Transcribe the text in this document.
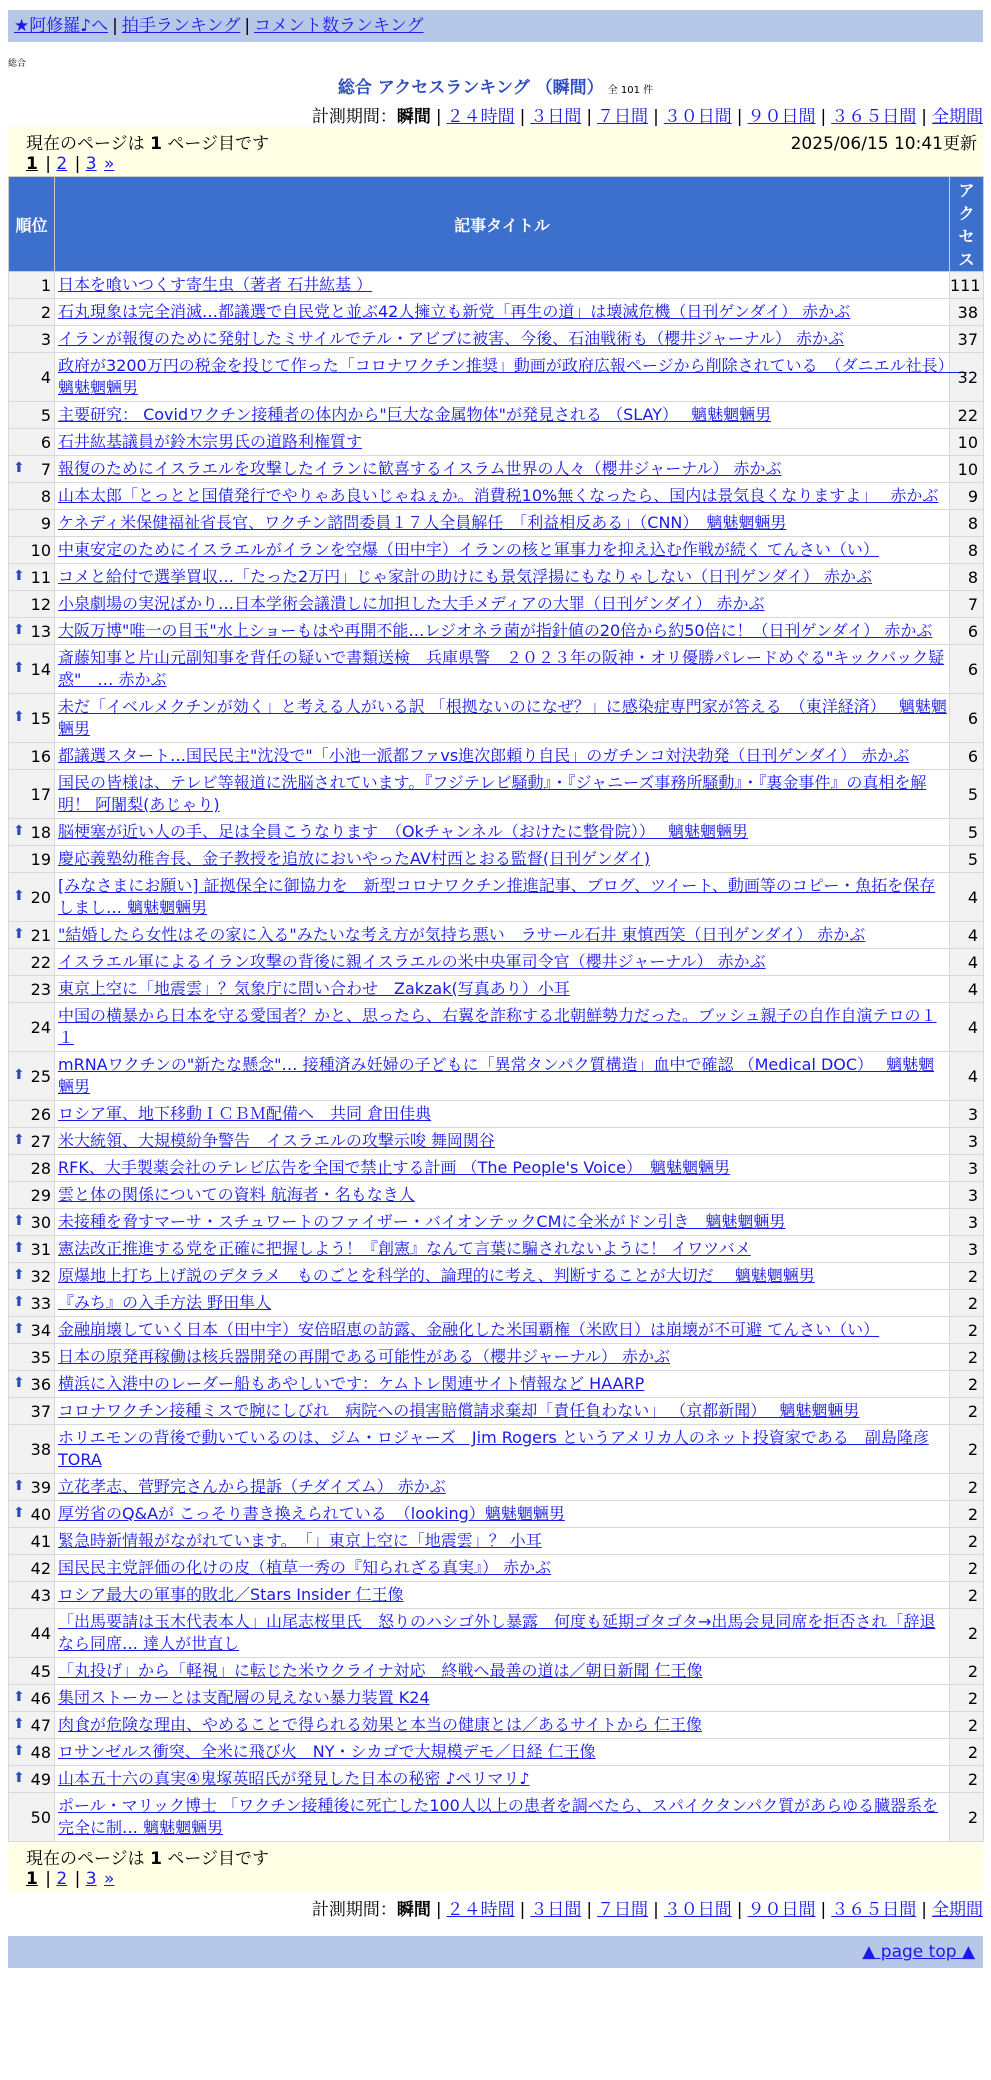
★阿修羅♪へ | 拍手ランキング | コメント数ランキング
総合
総合 アクセスランキング （瞬間） 全 101 件
計測期間：瞬間 | ２４時間 | ３日間 | ７日間 | ３０日間 | ９０日間 | ３６５日間 | 全期間
現在のページは 1 ページ目です	2025/06/15 10:41更新
1 | 2 | 3 »
順位	記事タイトル	アクセス
1	日本を喰いつくす寄生虫（著者 石井紘基 ）	111
2	石丸現象は完全消滅…都議選で自民党と並ぶ42人擁立も新党「再生の道」は壊滅危機（日刊ゲンダイ） 赤かぶ	38
3	イランが報復のために発射したミサイルでテル・アビブに被害、今後、石油戦術も（櫻井ジャーナル） 赤かぶ	37
4	政府が3200万円の税金を投じて作った「コロナワクチン推奨」動画が政府広報ページから削除されている　（ダニエル社長）　 魑魅魍魎男	32
5	主要研究： Covidワクチン接種者の体内から"巨大な金属物体"が発見される （SLAY）　 魑魅魍魎男	22
6	石井紘基議員が鈴木宗男氏の道路利権質す	10

⬆ 7	報復のためにイスラエルを攻撃したイランに歓喜するイスラム世界の人々（櫻井ジャーナル） 赤かぶ	10
8	山本太郎「とっとと国債発行でやりゃあ良いじゃねぇか。消費税10%無くなったら、国内は景気良くなりますよ」　 赤かぶ	9
9	ケネディ米保健福祉省長官、ワクチン諮問委員１７人全員解任　「利益相反ある」（CNN）　魑魅魍魎男	8
10	中東安定のためにイスラエルがイランを空爆（田中宇）イランの核と軍事力を抑え込む作戦が続く てんさい（い）	8

⬆ 11	コメと給付で選挙買収…「たった2万円」じゃ家計の助けにも景気浮揚にもなりゃしない（日刊ゲンダイ） 赤かぶ	8
12	小泉劇場の実況ばかり…日本学術会議潰しに加担した大手メディアの大罪（日刊ゲンダイ） 赤かぶ	7

⬆ 13	大阪万博"唯一の目玉"水上ショーもはや再開不能…レジオネラ菌が指針値の20倍から約50倍に！（日刊ゲンダイ） 赤かぶ	6

⬆ 14	斎藤知事と片山元副知事を背任の疑いで書類送検　兵庫県警　２０２３年の阪神・オリ優勝パレードめぐる"キックバック疑惑"　… 赤かぶ	6

⬆ 15	未だ「イベルメクチンが効く」と考える人がいる訳 「根拠ないのになぜ？」に感染症専門家が答える　（東洋経済）　 魑魅魍魎男	6
16	都議選スタート…国民民主"沈没で"「小池一派都ファvs進次郎頼り自民」のガチンコ対決勃発（日刊ゲンダイ） 赤かぶ	6
17	国民の皆様は、テレビ等報道に洗脳されています。『フジテレビ騒動』・『ジャニーズ事務所騒動』・『裏金事件』の真相を解明！ 阿闍梨(あじゃり)	5

⬆ 18	脳梗塞が近い人の手、足は全員こうなります　（Okチャンネル（おけたに整骨院））　 魑魅魍魎男	5
19	慶応義塾幼稚舎長、金子教授を追放においやったAV村西とおる監督(日刊ゲンダイ)	5

⬆ 20	[みなさまにお願い] 証拠保全に御協力を　新型コロナワクチン推進記事、ブログ、ツイート、動画等のコピー・魚拓を保存しまし… 魑魅魍魎男	4

⬆ 21	"結婚したら女性はその家に入る"みたいな考え方が気持ち悪い　ラサール石井 東慎西笑（日刊ゲンダイ） 赤かぶ	4
22	イスラエル軍によるイラン攻撃の背後に親イスラエルの米中央軍司令官（櫻井ジャーナル） 赤かぶ	4
23	東京上空に「地震雲」？気象庁に問い合わせ　Zakzak(写真あり）小耳	4
24	中国の横暴から日本を守る愛国者？かと、思ったら、右翼を詐称する北朝鮮勢力だった。ブッシュ親子の自作自演テロの１１	4

⬆ 25	mRNAワクチンの"新たな懸念"… 接種済み妊婦の子どもに「異常タンパク質構造」血中で確認 （Medical DOC）　 魑魅魍魎男	4
26	ロシア軍、地下移動ＩＣＢＭ配備へ　共同 倉田佳典	3

⬆ 27	米大統領、大規模紛争警告　イスラエルの攻撃示唆 舞岡関谷	3
28	RFK、大手製薬会社のテレビ広告を全国で禁止する計画 （The People's Voice）　魑魅魍魎男	3
29	雲と体の関係についての資料 航海者・名もなき人	3

⬆ 30	未接種を脅すマーサ・スチュワートのファイザー・バイオンテックCMに全米がドン引き　魑魅魍魎男	3

⬆ 31	憲法改正推進する党を正確に把握しよう！『創憲』なんて言葉に騙されないように！ イワツバメ	3

⬆ 32	原爆地上打ち上げ説のデタラメ　ものごとを科学的、論理的に考え、判断することが大切だ　 魑魅魍魎男	2

⬆ 33	『みち』の入手方法 野田隼人	2

⬆ 34	金融崩壊していく日本（田中宇）安倍昭恵の訪露、金融化した米国覇権（米欧日）は崩壊が不可避 てんさい（い）	2
35	日本の原発再稼働は核兵器開発の再開である可能性がある（櫻井ジャーナル） 赤かぶ	2

⬆ 36	横浜に入港中のレーダー船もあやしいです：ケムトレ関連サイト情報など HAARP	2
37	コロナワクチン接種ミスで腕にしびれ　病院への損害賠償請求棄却「責任負わない」 （京都新聞）　 魑魅魍魎男	2
38	ホリエモンの背後で動いているのは、ジム・ロジャーズ　Jim Rogers というアメリカ人のネット投資家である　副島隆彦 TORA	2

⬆ 39	立花孝志、菅野完さんから提訴（チダイズム） 赤かぶ	2

⬆ 40	厚労省のQ&Aが こっそり書き換えられている　（looking）魑魅魍魎男	2
41	緊急時新情報がながれています。　「」東京上空に「地震雲」？ 小耳	2
42	国民民主党評価の化けの皮（植草一秀の『知られざる真実』） 赤かぶ	2
43	ロシア最大の軍事的敗北／Stars Insider 仁王像	2
44	「出馬要請は玉木代表本人」山尾志桜里氏　怒りのハシゴ外し暴露　何度も延期ゴタゴタ→出馬会見同席を拒否され「辞退なら同席… 達人が世直し	2
45	「丸投げ」から「軽視」に転じた米ウクライナ対応　終戦へ最善の道は／朝日新聞 仁王像	2

⬆ 46	集団ストーカーとは支配層の見えない暴力装置 K24	2

⬆ 47	肉食が危険な理由、やめることで得られる効果と本当の健康とは／あるサイトから 仁王像	2

⬆ 48	ロサンゼルス衝突、全米に飛び火　NY・シカゴで大規模デモ／日経 仁王像	2

⬆ 49	山本五十六の真実④鬼塚英昭氏が発見した日本の秘密 ♪ペリマリ♪	2
50	ポール・マリック博士 「ワクチン接種後に死亡した100人以上の患者を調べたら、スパイクタンパク質があらゆる臓器系を完全に制… 魑魅魍魎男	2
現在のページは 1 ページ目です
1 | 2 | 3 »
計測期間：瞬間 | ２４時間 | ３日間 | ７日間 | ３０日間 | ９０日間 | ３６５日間 | 全期間
▲ page top ▲
